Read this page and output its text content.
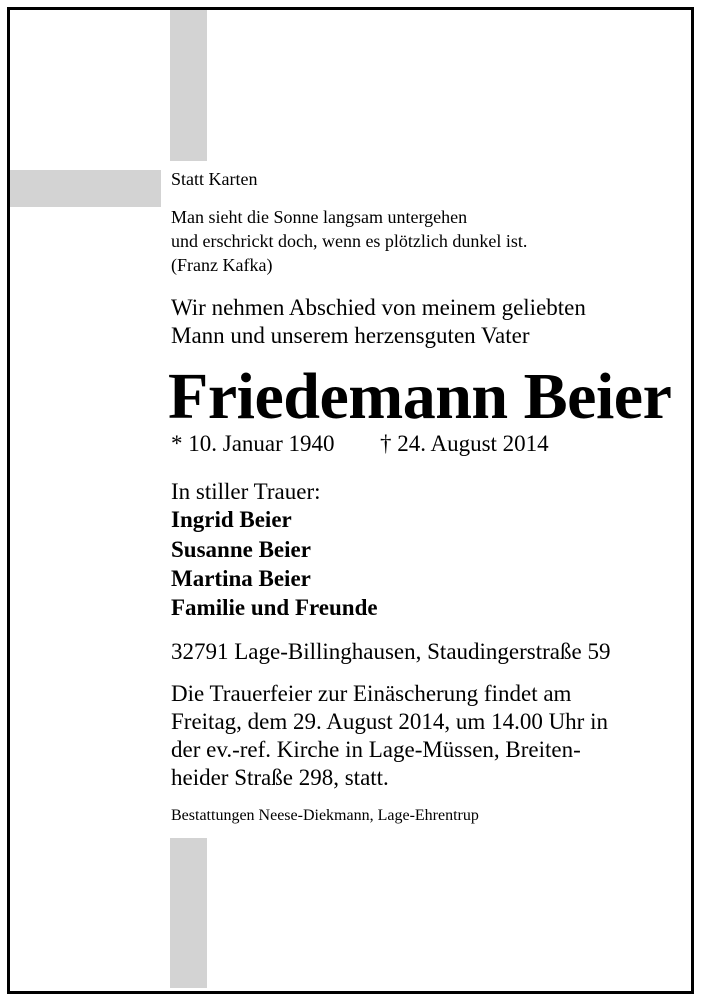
Statt Karten
Man sieht die Sonne langsam untergehen
und erschrickt doch, wenn es plötzlich dunkel ist.
(Franz Kafka)
Wir nehmen Abschied von meinem geliebten
Mann und unserem herzensguten Vater
Friedemann Beier
* 10. Januar 1940 † 24. August 2014
In stiller Trauer:
Ingrid Beier
Susanne Beier
Martina Beier
Familie und Freunde
32791 Lage-Billinghausen, Staudingerstraße 59
Die Trauerfeier zur Einäscherung findet am
Freitag, dem 29. August 2014, um 14.00 Uhr in
der ev.-ref. Kirche in Lage-Müssen, Breiten-
heider Straße 298, statt.
Bestattungen Neese-Diekmann, Lage-Ehrentrup
